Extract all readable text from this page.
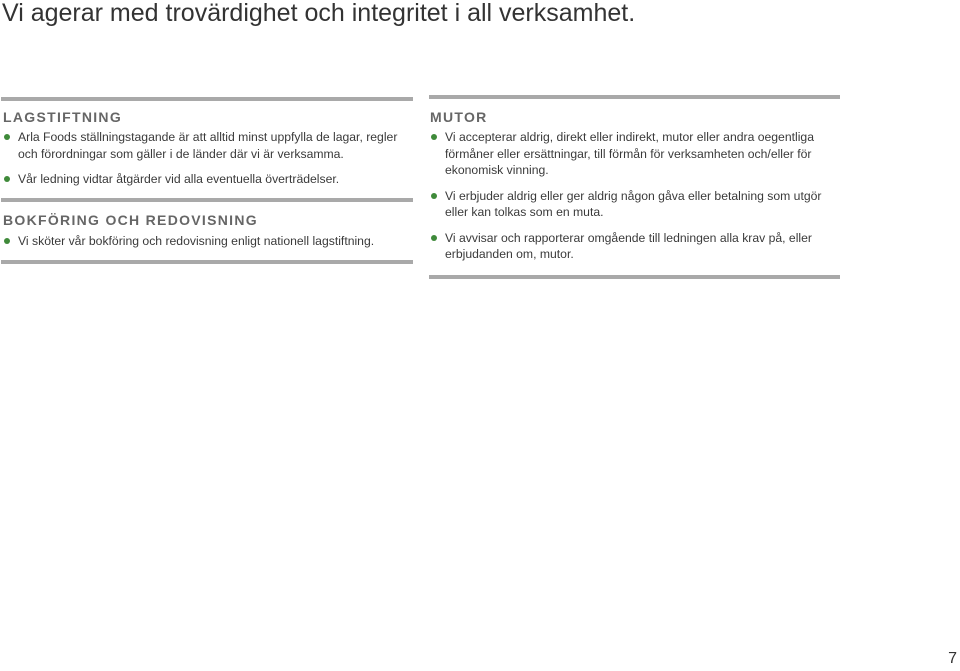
Vi agerar med trovärdighet och integritet i all verksamhet.
LAGSTIFTNING
Arla Foods ställningstagande är att alltid minst uppfylla de lagar, regler och förordningar som gäller i de länder där vi är verksamma.
Vår ledning vidtar åtgärder vid alla eventuella överträdelser.
BOKFÖRING OCH REDOVISNING
Vi sköter vår bokföring och redovisning enligt nationell lagstiftning.
MUTOR
Vi accepterar aldrig, direkt eller indirekt, mutor eller andra oegentliga förmåner eller ersättningar, till förmån för verksamheten och/eller för ekonomisk vinning.
Vi erbjuder aldrig eller ger aldrig någon gåva eller betalning som utgör eller kan tolkas som en muta.
Vi avvisar och rapporterar omgående till ledningen alla krav på, eller erbjudanden om, mutor.
7
